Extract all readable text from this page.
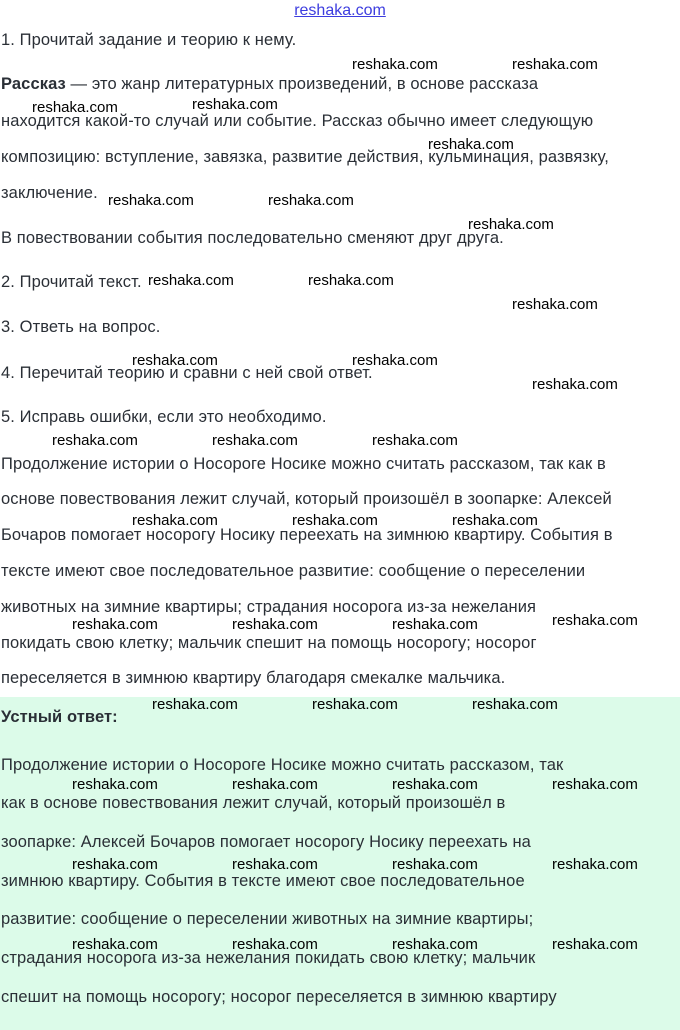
reshaka.com

1. Прочитай задание и теорию к нему.

Рассказ — это жанр литературных произведений, в основе рассказа

находится какой-то случай или событие. Рассказ обычно имеет следующую

композицию: вступление, завязка, развитие действия, кульминация, развязку,

заключение.

В повествовании события последовательно сменяют друг друга.

2. Прочитай текст.

3. Ответь на вопрос.

4. Перечитай теорию и сравни с ней свой ответ.

5. Исправь ошибки, если это необходимо.

Продолжение истории о Носороге Носике можно считать рассказом, так как в

основе повествования лежит случай, который произошёл в зоопарке: Алексей

Бочаров помогает носорогу Носику переехать на зимнюю квартиру. События в

тексте имеют свое последовательное развитие: сообщение о переселении

животных на зимние квартиры; страдания носорога из-за нежелания

покидать свою клетку; мальчик спешит на помощь носорогу; носорог

переселяется в зимнюю квартиру благодаря смекалке мальчика.

Устный ответ:

Продолжение истории о Носороге Носике можно считать рассказом, так

как в основе повествования лежит случай, который произошёл в

зоопарке: Алексей Бочаров помогает носорогу Носику переехать на

зимнюю квартиру. События в тексте имеют свое последовательное

развитие: сообщение о переселении животных на зимние квартиры;

страдания носорога из-за нежелания покидать свою клетку; мальчик

спешит на помощь носорогу; носорог переселяется в зимнюю квартиру

reshaka.com	reshaka.com
reshaka.com	reshaka.com
reshaka.com
reshaka.com	reshaka.com
reshaka.com
reshaka.com	reshaka.com
reshaka.com
reshaka.com	reshaka.com
reshaka.com
reshaka.com	reshaka.com	reshaka.com
reshaka.com	reshaka.com	reshaka.com
reshaka.com	reshaka.com	reshaka.com	reshaka.com
reshaka.com	reshaka.com	reshaka.com
reshaka.com	reshaka.com	reshaka.com	reshaka.com
reshaka.com	reshaka.com	reshaka.com	reshaka.com
reshaka.com	reshaka.com	reshaka.com	reshaka.com
